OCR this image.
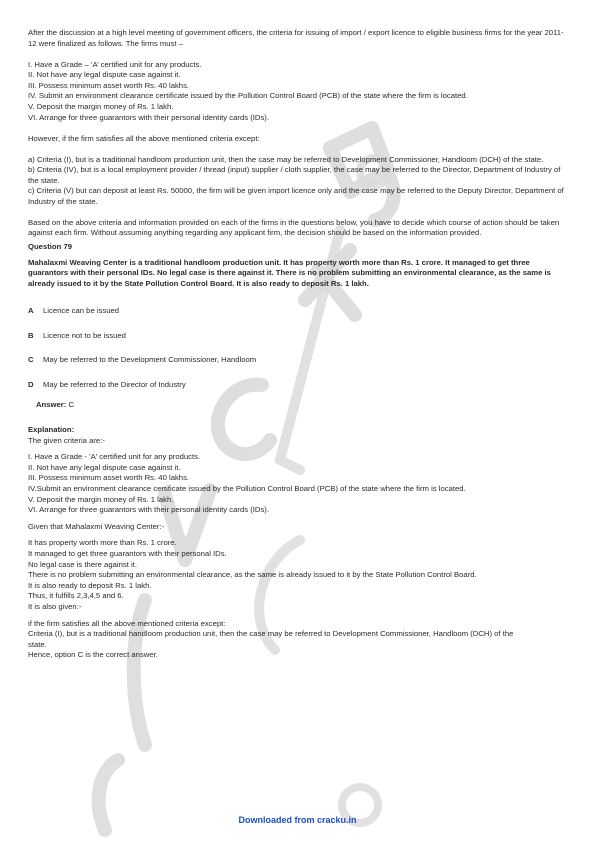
After the discussion at a high level meeting of government officers, the criteria for issuing of import / export licence to eligible business firms for the year 2011-12 were finalized as follows. The firms must –

I. Have a Grade – ‘A’ certified unit for any products.

II. Not have any legal dispute case against it.

III. Possess minimum asset worth Rs. 40 lakhs.

IV. Submit an environment clearance certificate issued by the Pollution Control Board (PCB) of the state where the firm is located.

V. Deposit the margin money of Rs. 1 lakh.

VI. Arrange for three guarantors with their personal identity cards (IDs).

However, if the firm satisfies all the above mentioned criteria except:

a) Criteria (I), but is a traditional handloom production unit, then the case may be referred to Development Commissioner, Handloom (DCH) of the state.

b) Criteria (IV), but is a local employment provider / thread (input) supplier / cloth supplier, the case may be referred to the Director, Department of Industry of the state.

c) Criteria (V) but can deposit at least Rs. 50000, the firm will be given import licence only and the case may be referred to the Deputy Director, Department of Industry of the state.

Based on the above criteria and information provided on each of the firms in the questions below, you have to decide which course of action should be taken against each firm. Without assuming anything regarding any applicant firm, the decision should be based on the information provided.

Question 79

Mahalaxmi Weaving Center is a traditional handloom production unit. It has property worth more than Rs. 1 crore. It managed to get three guarantors with their personal IDs. No legal case is there against it. There is no problem submitting an environmental clearance, as the same is already issued to it by the State Pollution Control Board. It is also ready to deposit Rs. 1 lakh.

A	Licence can be issued
B	Licence not to be issued
C	May be referred to the Development Commissioner, Handloom
D	May be referred to the Director of Industry

Answer: C

Explanation:

The given criteria are:-

I. Have a Grade - 'A' certified unit for any products.

II. Not have any legal dispute case against it.

III. Possess minimum asset worth Rs. 40 lakhs.

IV.Submit an environment clearance certificate issued by the Pollution Control Board (PCB) of the state where the firm is located.

V. Deposit the margin money of Rs. 1 lakh.

VI. Arrange for three guarantors with their personal identity cards (IDs).

Given that Mahalaxmi Weaving Center:-

It has property worth more than Rs. 1 crore.

It managed to get three guarantors with their personal IDs.

No legal case is there against it.

There is no problem submitting an environmental clearance, as the same is already issued to it by the State Pollution Control Board.

It is also ready to deposit Rs. 1 lakh.

Thus, it fulfills 2,3,4,5 and 6.

It is also given:-

if the firm satisfies all the above mentioned criteria except:

Criteria (I), but is a traditional handloom production unit, then the case may be referred to Development Commissioner, Handloom (DCH) of the

state.

Hence, option C is the correct answer.

Downloaded from cracku.in
